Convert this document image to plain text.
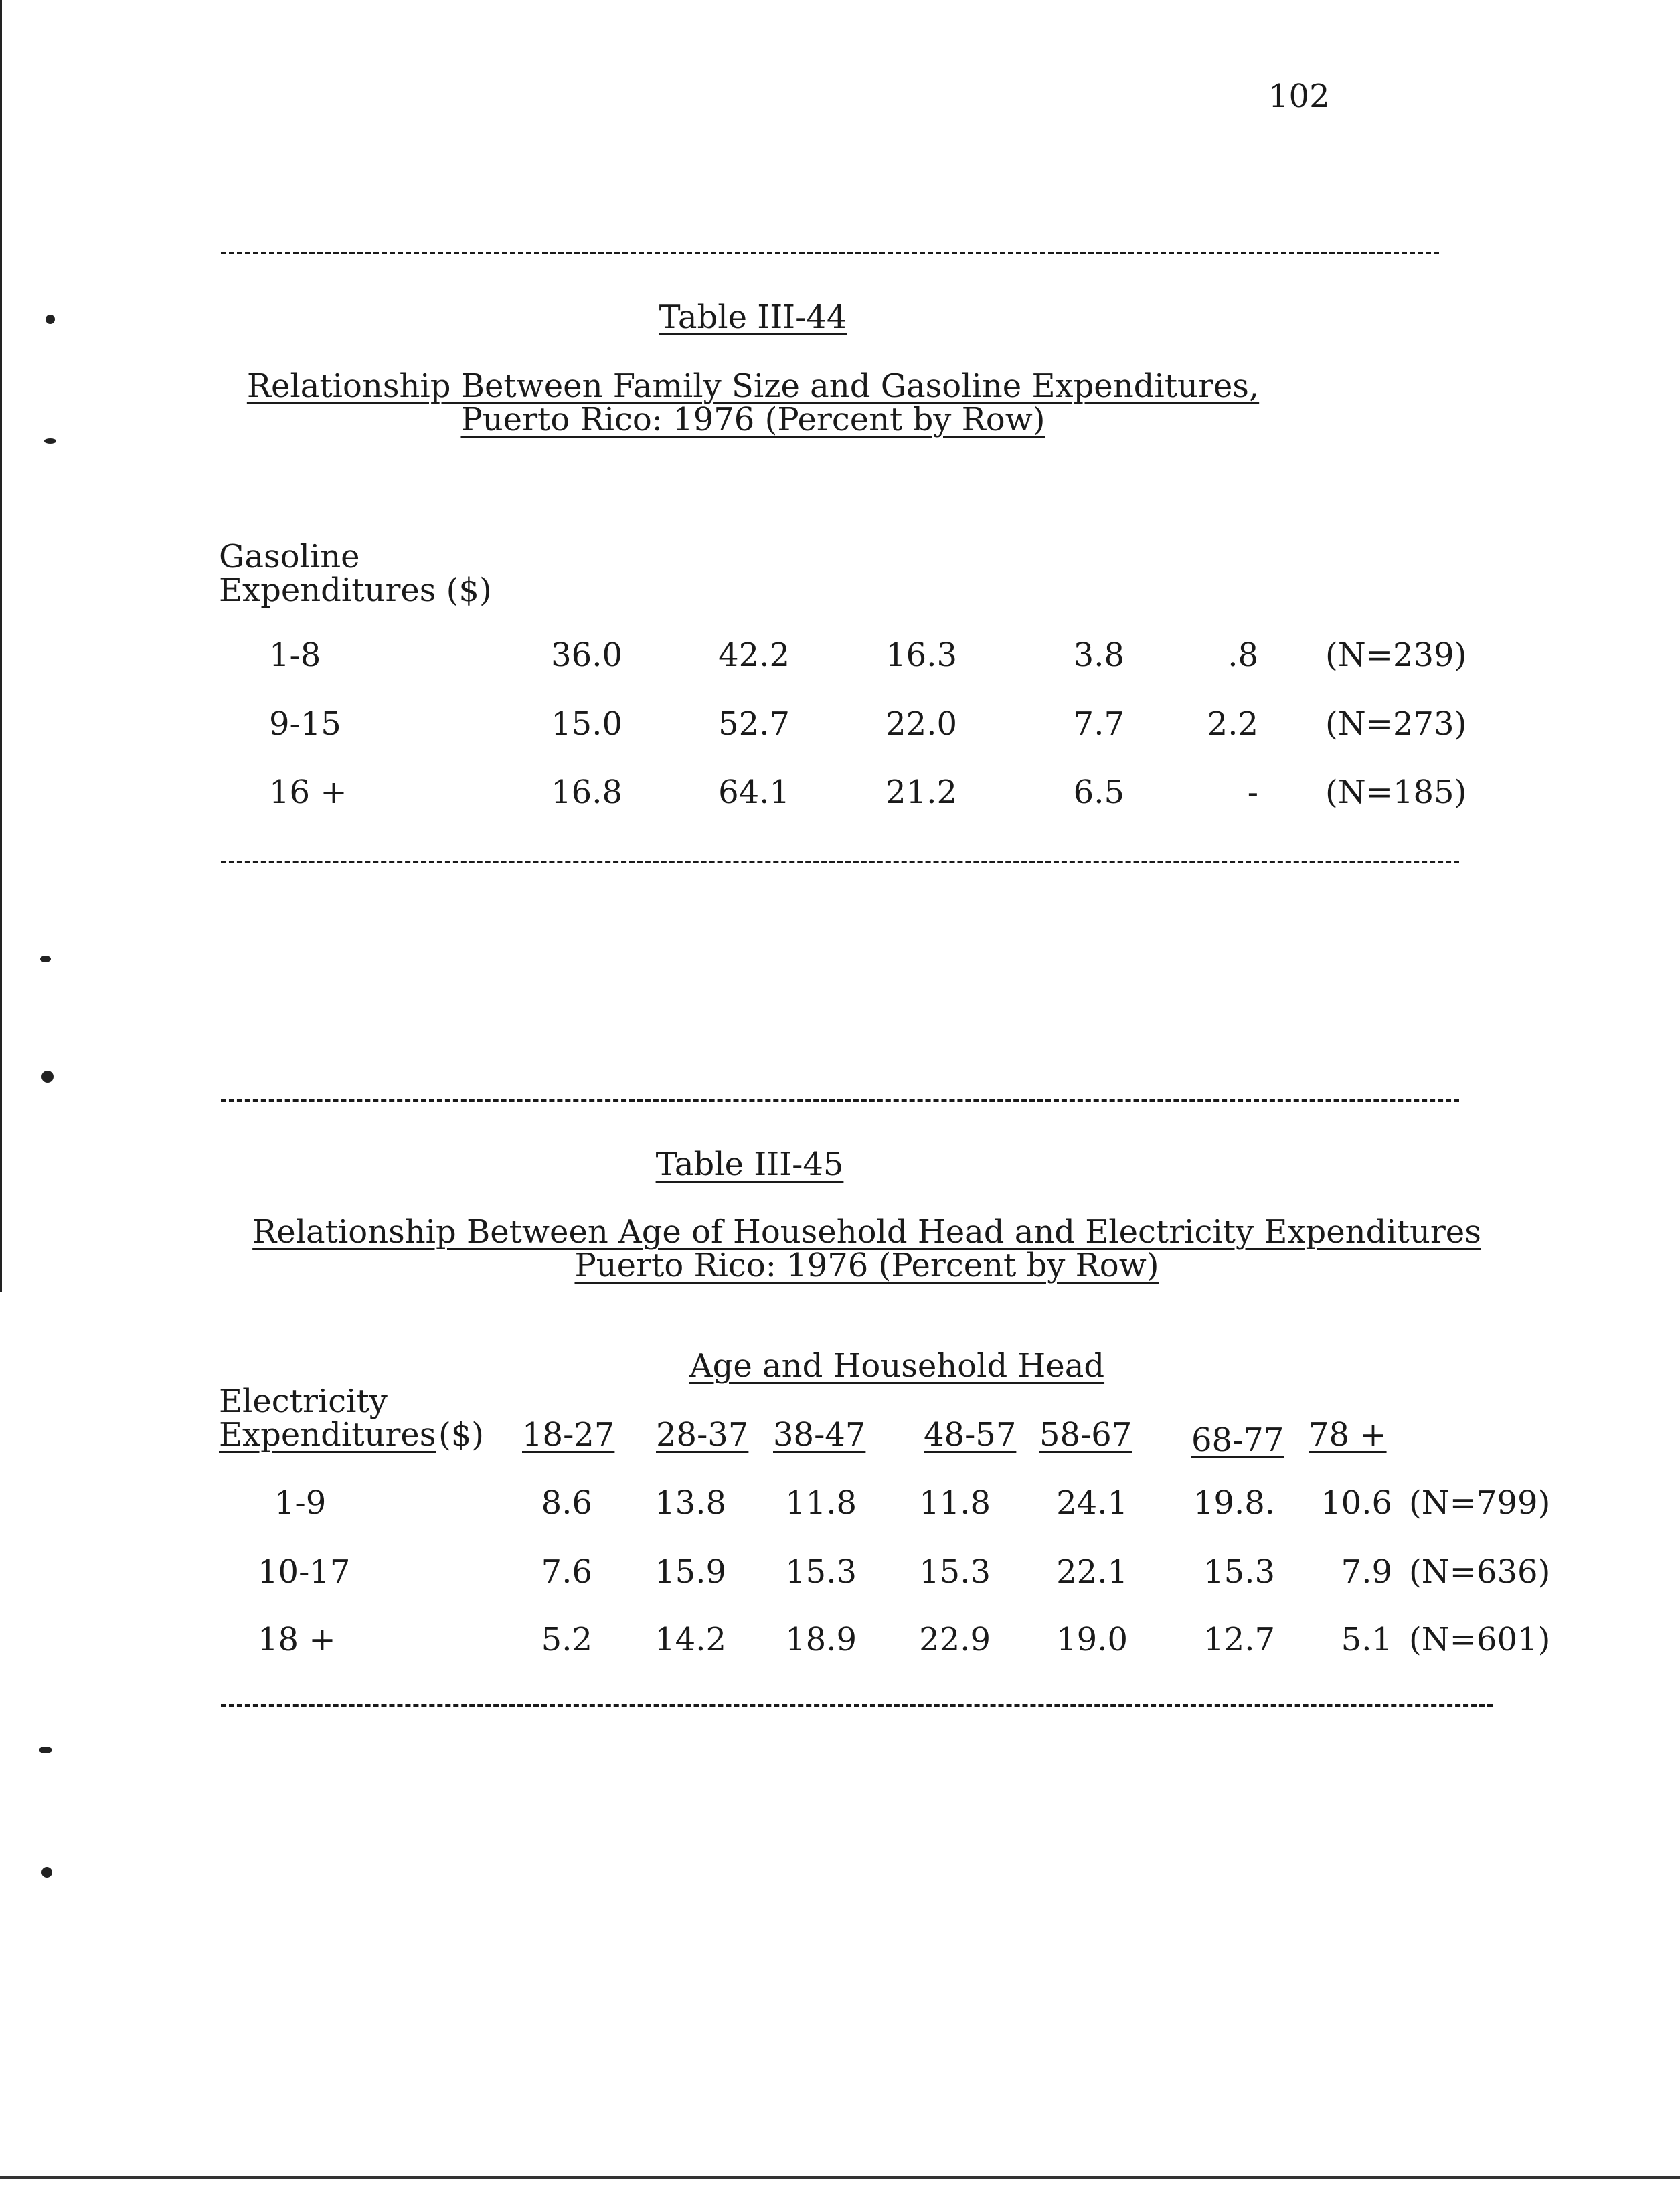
102
Table III-44
Relationship Between Family Size and Gasoline Expenditures,
Puerto Rico: 1976 (Percent by Row)
Gasoline
Expenditures ($)
1-8	36.0	42.2	16.3	3.8	.8 (N=239)
9-15	15.0	52.7	22.0	7.7	2.2 (N=273)
16 +	16.8	64.1	21.2	6.5	- (N=185)
Table III-45
Relationship Between Age of Household Head and Electricity Expenditures
Puerto Rico: 1976 (Percent by Row)
Age and Household Head
Electricity
Expenditures ($) 18-27 28-37 38-47 48-57 58-67 68-77 78 +
1-9	8.6	13.8	11.8	11.8	24.1	19.8.	10.6 (N=799)
10-17	7.6	15.9	15.3	15.3	22.1	15.3	7.9 (N=636)
18 +	5.2	14.2	18.9	22.9	19.0	12.7	5.1 (N=601)
